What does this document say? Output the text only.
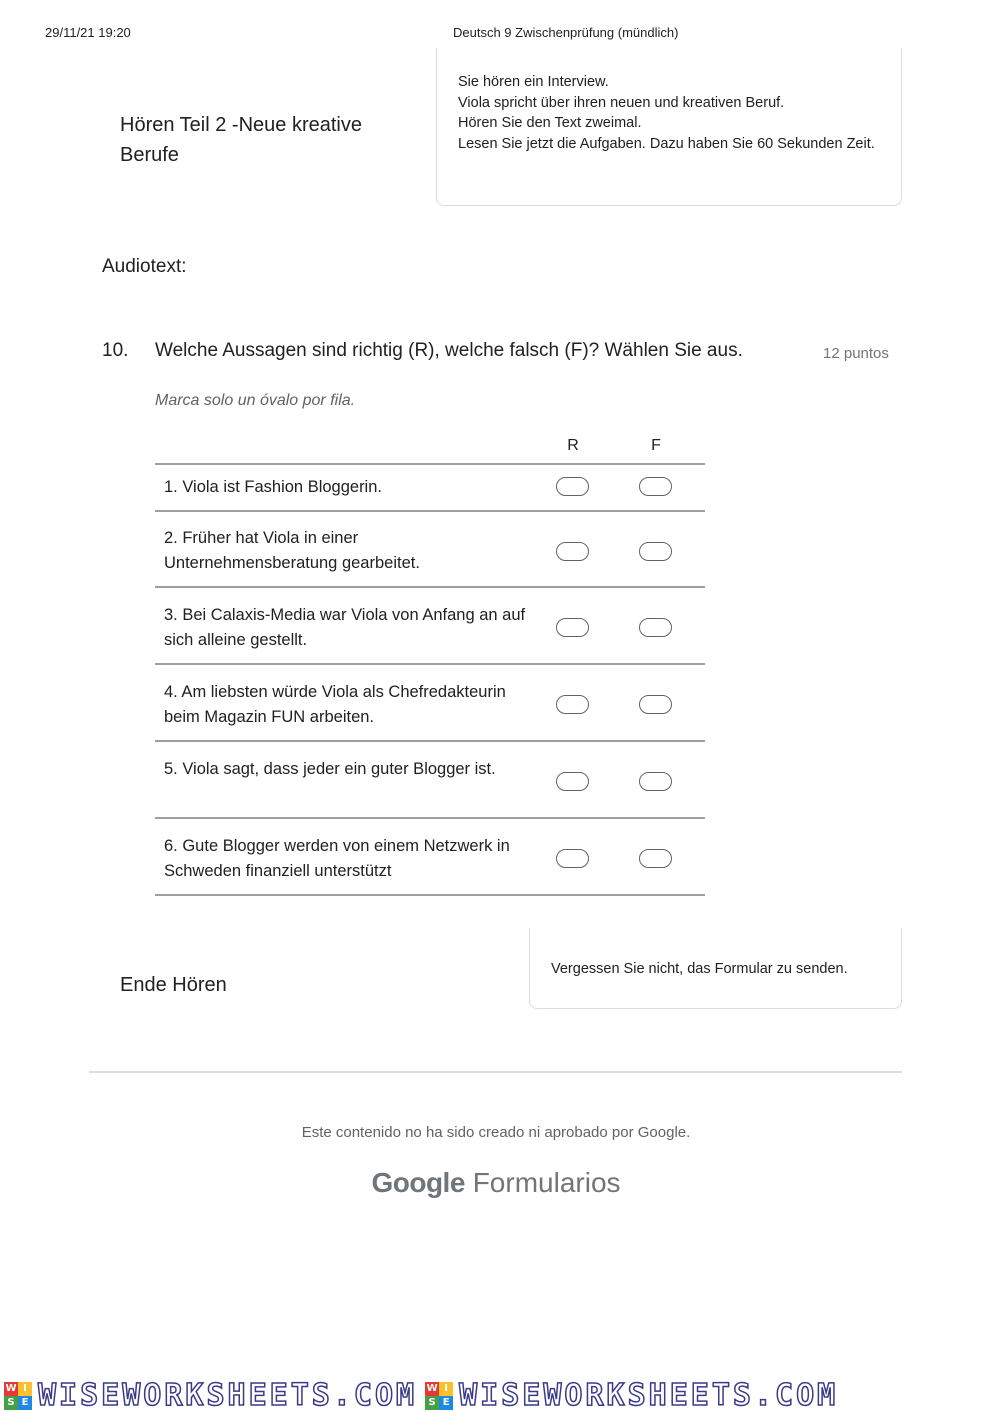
29/11/21 19:20	Deutsch 9 Zwischenprüfung (mündlich)
Hören Teil 2 -Neue kreative Berufe
Sie hören ein Interview.
Viola spricht über ihren neuen und kreativen Beruf.
Hören Sie den Text zweimal.
Lesen Sie jetzt die Aufgaben. Dazu haben Sie 60 Sekunden Zeit.
Audiotext:
10. Welche Aussagen sind richtig (R), welche falsch (F)? Wählen Sie aus.	12 puntos
Marca solo un óvalo por fila.
R	F
1. Viola ist Fashion Bloggerin.
2. Früher hat Viola in einer Unternehmensberatung gearbeitet.
3. Bei Calaxis-Media war Viola von Anfang an auf sich alleine gestellt.
4. Am liebsten würde Viola als Chefredakteurin beim Magazin FUN arbeiten.
5. Viola sagt, dass jeder ein guter Blogger ist.
6. Gute Blogger werden von einem Netzwerk in Schweden finanziell unterstützt
Ende Hören
Vergessen Sie nicht, das Formular zu senden.
Este contenido no ha sido creado ni aprobado por Google.
Google Formularios
W I
S E WISEWORKSHEETS.COM W I
S E WISEWORKSHEETS.COM
